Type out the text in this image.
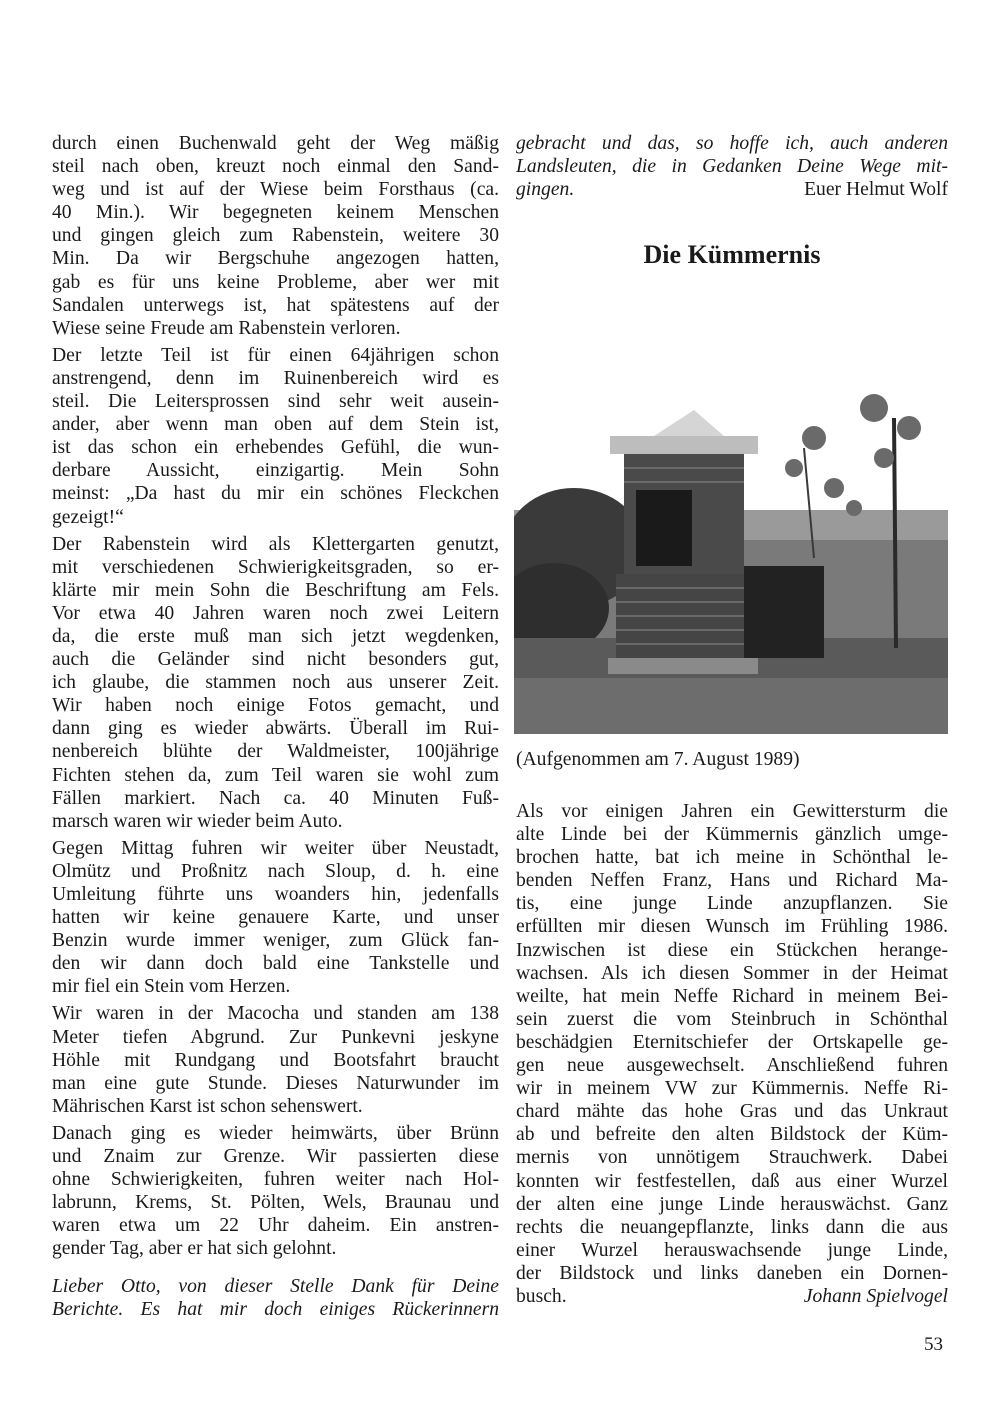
durch einen Buchenwald geht der Weg mäßig
steil nach oben, kreuzt noch einmal den Sand-
weg und ist auf der Wiese beim Forsthaus (ca.
40 Min.). Wir begegneten keinem Menschen
und gingen gleich zum Rabenstein, weitere 30
Min. Da wir Bergschuhe angezogen hatten,
gab es für uns keine Probleme, aber wer mit
Sandalen unterwegs ist, hat spätestens auf der
Wiese seine Freude am Rabenstein verloren.
Der letzte Teil ist für einen 64jährigen schon
anstrengend, denn im Ruinenbereich wird es
steil. Die Leitersprossen sind sehr weit ausein-
ander, aber wenn man oben auf dem Stein ist,
ist das schon ein erhebendes Gefühl, die wun-
derbare Aussicht, einzigartig. Mein Sohn
meinst: „Da hast du mir ein schönes Fleckchen
gezeigt!“
Der Rabenstein wird als Klettergarten genutzt,
mit verschiedenen Schwierigkeitsgraden, so er-
klärte mir mein Sohn die Beschriftung am Fels.
Vor etwa 40 Jahren waren noch zwei Leitern
da, die erste muß man sich jetzt wegdenken,
auch die Geländer sind nicht besonders gut,
ich glaube, die stammen noch aus unserer Zeit.
Wir haben noch einige Fotos gemacht, und
dann ging es wieder abwärts. Überall im Rui-
nenbereich blühte der Waldmeister, 100jährige
Fichten stehen da, zum Teil waren sie wohl zum
Fällen markiert. Nach ca. 40 Minuten Fuß-
marsch waren wir wieder beim Auto.
Gegen Mittag fuhren wir weiter über Neustadt,
Olmütz und Proßnitz nach Sloup, d. h. eine
Umleitung führte uns woanders hin, jedenfalls
hatten wir keine genauere Karte, und unser
Benzin wurde immer weniger, zum Glück fan-
den wir dann doch bald eine Tankstelle und
mir fiel ein Stein vom Herzen.
Wir waren in der Macocha und standen am 138
Meter tiefen Abgrund. Zur Punkevni jeskyne
Höhle mit Rundgang und Bootsfahrt braucht
man eine gute Stunde. Dieses Naturwunder im
Mährischen Karst ist schon sehenswert.
Danach ging es wieder heimwärts, über Brünn
und Znaim zur Grenze. Wir passierten diese
ohne Schwierigkeiten, fuhren weiter nach Hol-
labrunn, Krems, St. Pölten, Wels, Braunau und
waren etwa um 22 Uhr daheim. Ein anstren-
gender Tag, aber er hat sich gelohnt.
Lieber Otto, von dieser Stelle Dank für Deine
Berichte. Es hat mir doch einiges Rückerinnern
gebracht und das, so hoffe ich, auch anderen
Landsleuten, die in Gedanken Deine Wege mit-
gingen.	Euer Helmut Wolf
Die Kümmernis
(Aufgenommen am 7. August 1989)
Als vor einigen Jahren ein Gewittersturm die
alte Linde bei der Kümmernis gänzlich umge-
brochen hatte, bat ich meine in Schönthal le-
benden Neffen Franz, Hans und Richard Ma-
tis, eine junge Linde anzupflanzen. Sie
erfüllten mir diesen Wunsch im Frühling 1986.
Inzwischen ist diese ein Stückchen herange-
wachsen. Als ich diesen Sommer in der Heimat
weilte, hat mein Neffe Richard in meinem Bei-
sein zuerst die vom Steinbruch in Schönthal
beschädgien Eternitschiefer der Ortskapelle ge-
gen neue ausgewechselt. Anschließend fuhren
wir in meinem VW zur Kümmernis. Neffe Ri-
chard mähte das hohe Gras und das Unkraut
ab und befreite den alten Bildstock der Küm-
mernis von unnötigem Strauchwerk. Dabei
konnten wir festfestellen, daß aus einer Wurzel
der alten eine junge Linde herauswächst. Ganz
rechts die neuangepflanzte, links dann die aus
einer Wurzel herauswachsende junge Linde,
der Bildstock und links daneben ein Dornen-
busch.	Johann Spielvogel
53
